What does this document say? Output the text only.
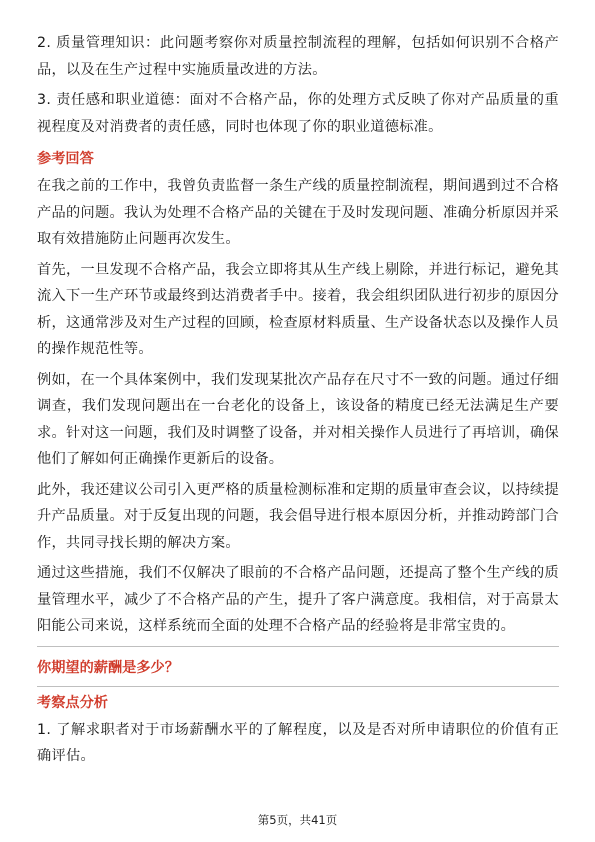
2. 质量管理知识：此问题考察你对质量控制流程的理解，包括如何识别不合格产品，以及在生产过程中实施质量改进的方法。

3. 责任感和职业道德：面对不合格产品，你的处理方式反映了你对产品质量的重视程度及对消费者的责任感，同时也体现了你的职业道德标准。

参考回答

在我之前的工作中，我曾负责监督一条生产线的质量控制流程，期间遇到过不合格产品的问题。我认为处理不合格产品的关键在于及时发现问题、准确分析原因并采取有效措施防止问题再次发生。

首先，一旦发现不合格产品，我会立即将其从生产线上剔除，并进行标记，避免其流入下一生产环节或最终到达消费者手中。接着，我会组织团队进行初步的原因分析，这通常涉及对生产过程的回顾，检查原材料质量、生产设备状态以及操作人员的操作规范性等。

例如，在一个具体案例中，我们发现某批次产品存在尺寸不一致的问题。通过仔细调查，我们发现问题出在一台老化的设备上，该设备的精度已经无法满足生产要求。针对这一问题，我们及时调整了设备，并对相关操作人员进行了再培训，确保他们了解如何正确操作更新后的设备。

此外，我还建议公司引入更严格的质量检测标准和定期的质量审查会议，以持续提升产品质量。对于反复出现的问题，我会倡导进行根本原因分析，并推动跨部门合作，共同寻找长期的解决方案。

通过这些措施，我们不仅解决了眼前的不合格产品问题，还提高了整个生产线的质量管理水平，减少了不合格产品的产生，提升了客户满意度。我相信，对于高景太阳能公司来说，这样系统而全面的处理不合格产品的经验将是非常宝贵的。

你期望的薪酬是多少？
考察点分析

1. 了解求职者对于市场薪酬水平的了解程度，以及是否对所申请职位的价值有正确评估。

第5页，共41页
